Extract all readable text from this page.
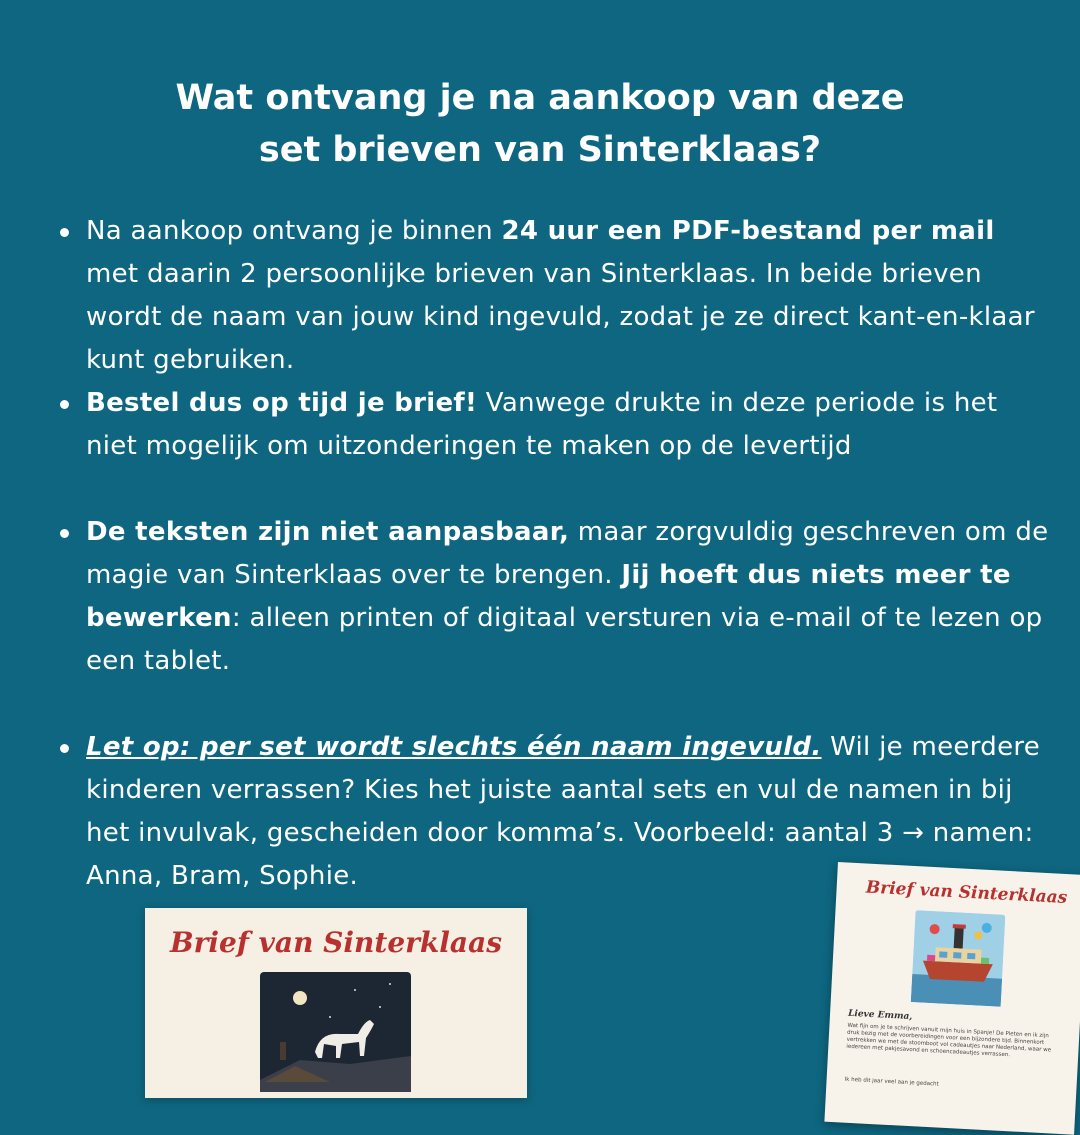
Wat ontvang je na aankoop van deze
set brieven van Sinterklaas?
Na aankoop ontvang je binnen 24 uur een PDF-bestand per mail met daarin 2 persoonlijke brieven van Sinterklaas. In beide brieven wordt de naam van jouw kind ingevuld, zodat je ze direct kant-en-klaar kunt gebruiken.
Bestel dus op tijd je brief! Vanwege drukte in deze periode is het niet mogelijk om uitzonderingen te maken op de levertijd
De teksten zijn niet aanpasbaar, maar zorgvuldig geschreven om de magie van Sinterklaas over te brengen. Jij hoeft dus niets meer te bewerken: alleen printen of digitaal versturen via e-mail of te lezen op een tablet.
Let op: per set wordt slechts één naam ingevuld. Wil je meerdere kinderen verrassen? Kies het juiste aantal sets en vul de namen in bij het invulvak, gescheiden door komma’s. Voorbeeld: aantal 3 → namen: Anna, Bram, Sophie.
Brief van Sinterklaas
Brief van Sinterklaas
Lieve Emma,
Wat fijn om je te schrijven vanuit mijn huis in Spanje! De Pieten en ik zijn druk bezig met de voorbereidingen voor een bijzondere tijd. Binnenkort vertrekken we met de stoomboot vol cadeautjes naar Nederland, waar we iedereen met pakjesavond en schoencadeautjes verrassen.
Ik heb dit jaar veel aan je gedacht
